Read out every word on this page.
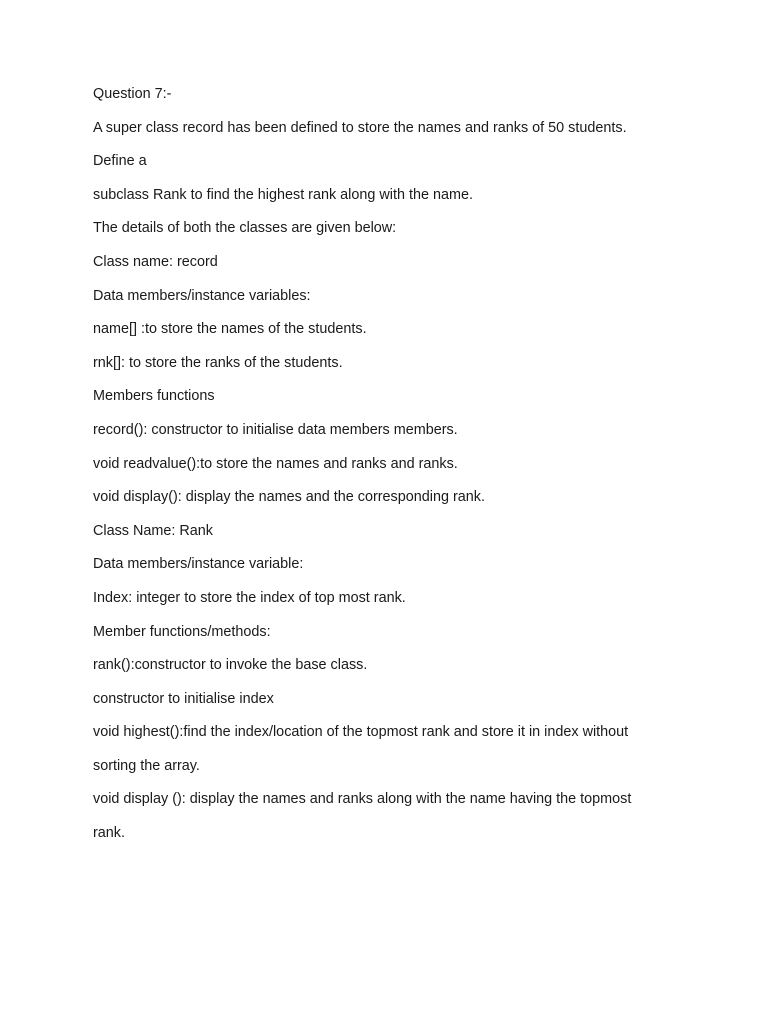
Question 7:-

A super class record has been defined to store the names and ranks of 50 students.

Define a

subclass Rank to find the highest rank along with the name.

The details of both the classes are given below:

Class name: record

Data members/instance variables:

name[] :to store the names of the students.

rnk[]: to store the ranks of the students.

Members functions

record(): constructor to initialise data members members.

void readvalue():to store the names and ranks and ranks.

void display(): display the names and the corresponding rank.

Class Name: Rank

Data members/instance variable:

Index: integer to store the index of top most rank.

Member functions/methods:

rank():constructor to invoke the base class.

constructor to initialise index

void highest():find the index/location of the topmost rank and store it in index without

sorting the array.

void display (): display the names and ranks along with the name having the topmost

rank.
